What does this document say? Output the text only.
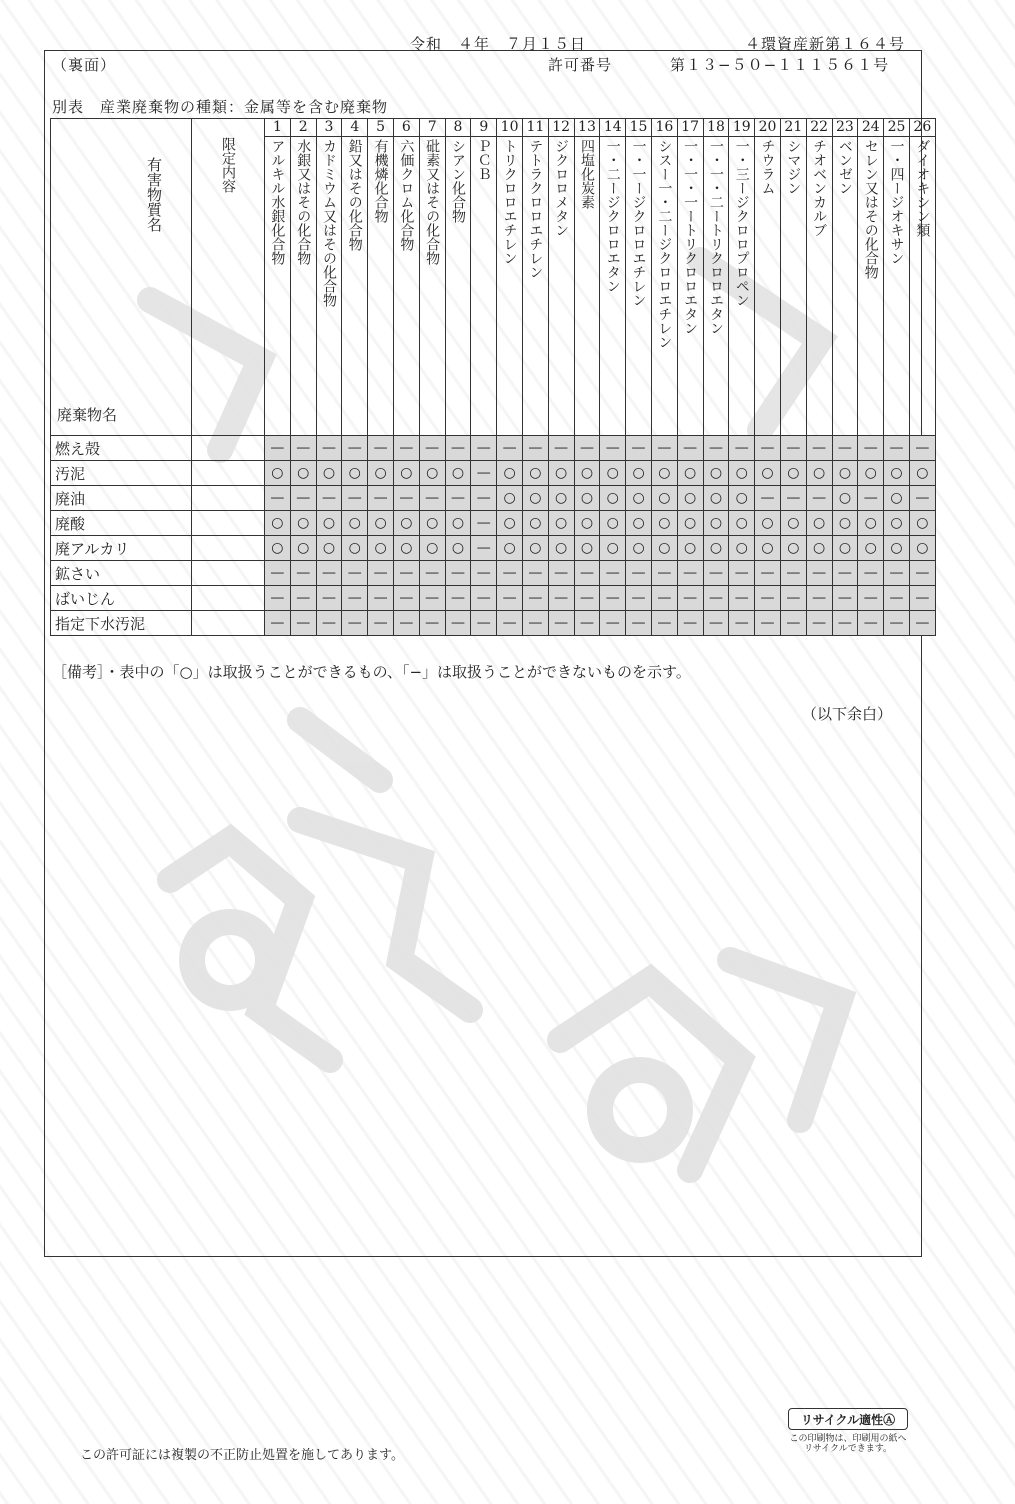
令和　４年　７月１５日	４環資産新第１６４号
（裏面）	許可番号	第１３−５０−１１１５６１号
別表　産業廃棄物の種類：金属等を含む廃棄物
有害物質名
廃棄物名	限定内容	1	2	3	4	5	6	7	8	9	10	11	12	13	14	15	16	17	18	19	20	21	22	23	24	25	26

		アルキル水銀化合物	水銀又はその化合物	カドミウム又はその化合物	鉛又はその化合物	有機燐化合物	六価クロム化合物	砒素又はその化合物	シアン化合物	ＰＣＢ	トリクロロエチレン	テトラクロロエチレン	ジクロロメタン	四塩化炭素	一・二ージクロロエタン	一・一ージクロロエチレン	シスー一・二ージクロロエチレン	一・一・一ートリクロロエタン	一・一・二ートリクロロエタン	一・三ージクロロプロペン	チウラム	シマジン	チオベンカルブ	ベンゼン	セレン又はその化合物	一・四ージオキサン	ダイオキシン類

燃え殻		—	—	—	—	—	—	—	—	—	—	—	—	—	—	—	—	—	—	—	—	—	—	—	—	—	—
汚泥		○	○	○	○	○	○	○	○	—	○	○	○	○	○	○	○	○	○	○	○	○	○	○	○	○	○
廃油		—	—	—	—	—	—	—	—	—	○	○	○	○	○	○	○	○	○	○	—	—	—	○	—	○	—
廃酸		○	○	○	○	○	○	○	○	—	○	○	○	○	○	○	○	○	○	○	○	○	○	○	○	○	○
廃アルカリ		○	○	○	○	○	○	○	○	—	○	○	○	○	○	○	○	○	○	○	○	○	○	○	○	○	○
鉱さい		—	—	—	—	—	—	—	—	—	—	—	—	—	—	—	—	—	—	—	—	—	—	—	—	—	—
ばいじん		—	—	—	—	—	—	—	—	—	—	—	—	—	—	—	—	—	—	—	—	—	—	—	—	—	—
指定下水汚泥		—	—	—	—	—	—	—	—	—	—	—	—	—	—	—	—	—	—	—	—	—	—	—	—	—	—
［備考］・表中の「○」は取扱うことができるもの、「−」は取扱うことができないものを示す。
（以下余白）
リサイクル適性Ⓐ
この印刷物は、印刷用の紙へ
リサイクルできます。
この許可証には複製の不正防止処置を施してあります。
